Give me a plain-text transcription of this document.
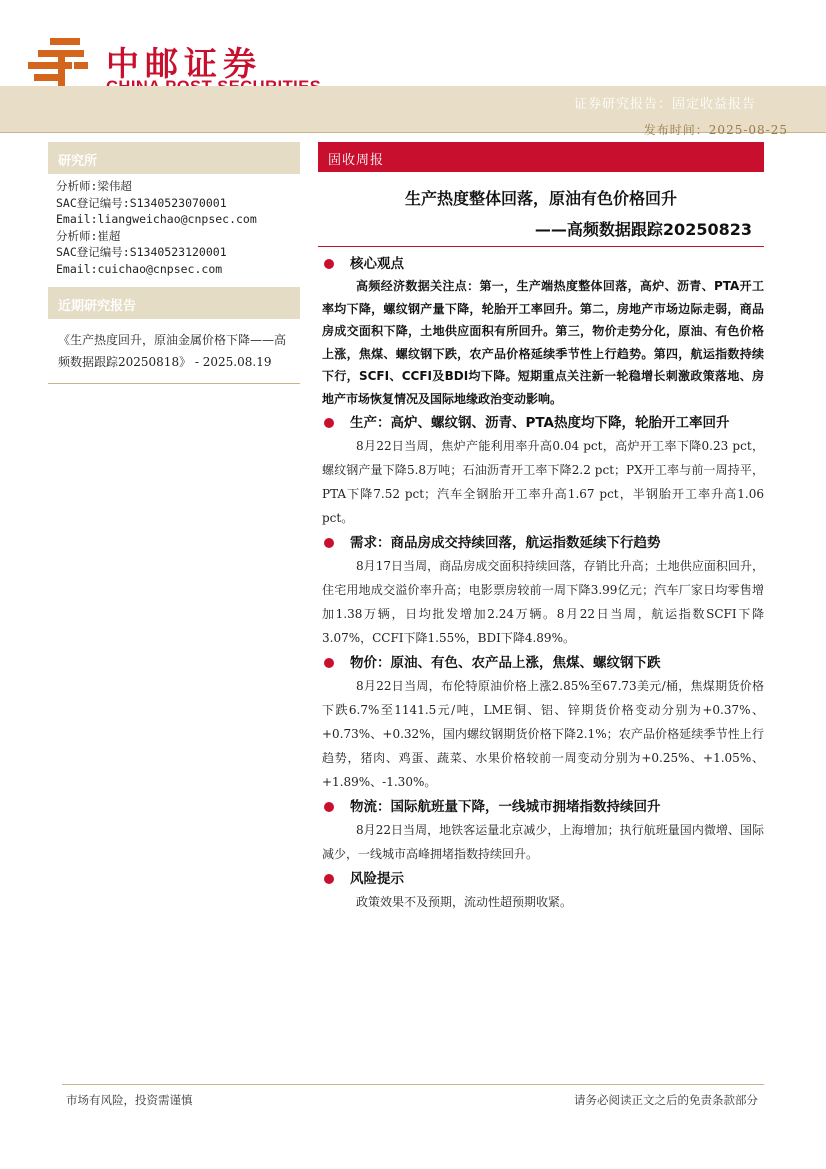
中邮证券
证券研究报告：固定收益报告
发布时间：2025-08-25
研究所
分析师:梁伟超
SAC登记编号:S1340523070001
Email:liangweichao@cnpsec.com
分析师:崔超
SAC登记编号:S1340523120001
Email:cuichao@cnpsec.com
近期研究报告
《生产热度回升，原油金属价格下降——高频数据跟踪20250818》 - 2025.08.19
固收周报
生产热度整体回落，原油有色价格回升
——高频数据跟踪20250823
核心观点
高频经济数据关注点：第一，生产端热度整体回落，高炉、沥青、PTA开工率均下降，螺纹钢产量下降，轮胎开工率回升。第二，房地产市场边际走弱，商品房成交面积下降，土地供应面积有所回升。第三，物价走势分化，原油、有色价格上涨，焦煤、螺纹钢下跌，农产品价格延续季节性上行趋势。第四，航运指数持续下行，SCFI、CCFI及BDI均下降。短期重点关注新一轮稳增长刺激政策落地、房地产市场恢复情况及国际地缘政治变动影响。
生产：高炉、螺纹钢、沥青、PTA热度均下降，轮胎开工率回升
8月22日当周，焦炉产能利用率升高0.04 pct，高炉开工率下降0.23 pct，螺纹钢产量下降5.8万吨；石油沥青开工率下降2.2 pct；PX开工率与前一周持平，PTA下降7.52 pct；汽车全钢胎开工率升高1.67 pct，半钢胎开工率升高1.06 pct。
需求：商品房成交持续回落，航运指数延续下行趋势
8月17日当周，商品房成交面积持续回落，存销比升高；土地供应面积回升，住宅用地成交溢价率升高；电影票房较前一周下降3.99亿元；汽车厂家日均零售增加1.38万辆，日均批发增加2.24万辆。8月22日当周，航运指数SCFI下降3.07%，CCFI下降1.55%，BDI下降4.89%。
物价：原油、有色、农产品上涨，焦煤、螺纹钢下跌
8月22日当周，布伦特原油价格上涨2.85%至67.73美元/桶，焦煤期货价格下跌6.7%至1141.5元/吨，LME铜、铝、锌期货价格变动分别为+0.37%、+0.73%、+0.32%，国内螺纹钢期货价格下降2.1%；农产品价格延续季节性上行趋势，猪肉、鸡蛋、蔬菜、水果价格较前一周变动分别为+0.25%、+1.05%、+1.89%、-1.30%。
物流：国际航班量下降，一线城市拥堵指数持续回升
8月22日当周，地铁客运量北京减少，上海增加；执行航班量国内微增、国际减少，一线城市高峰拥堵指数持续回升。
风险提示
政策效果不及预期，流动性超预期收紧。
市场有风险，投资需谨慎	请务必阅读正文之后的免责条款部分
